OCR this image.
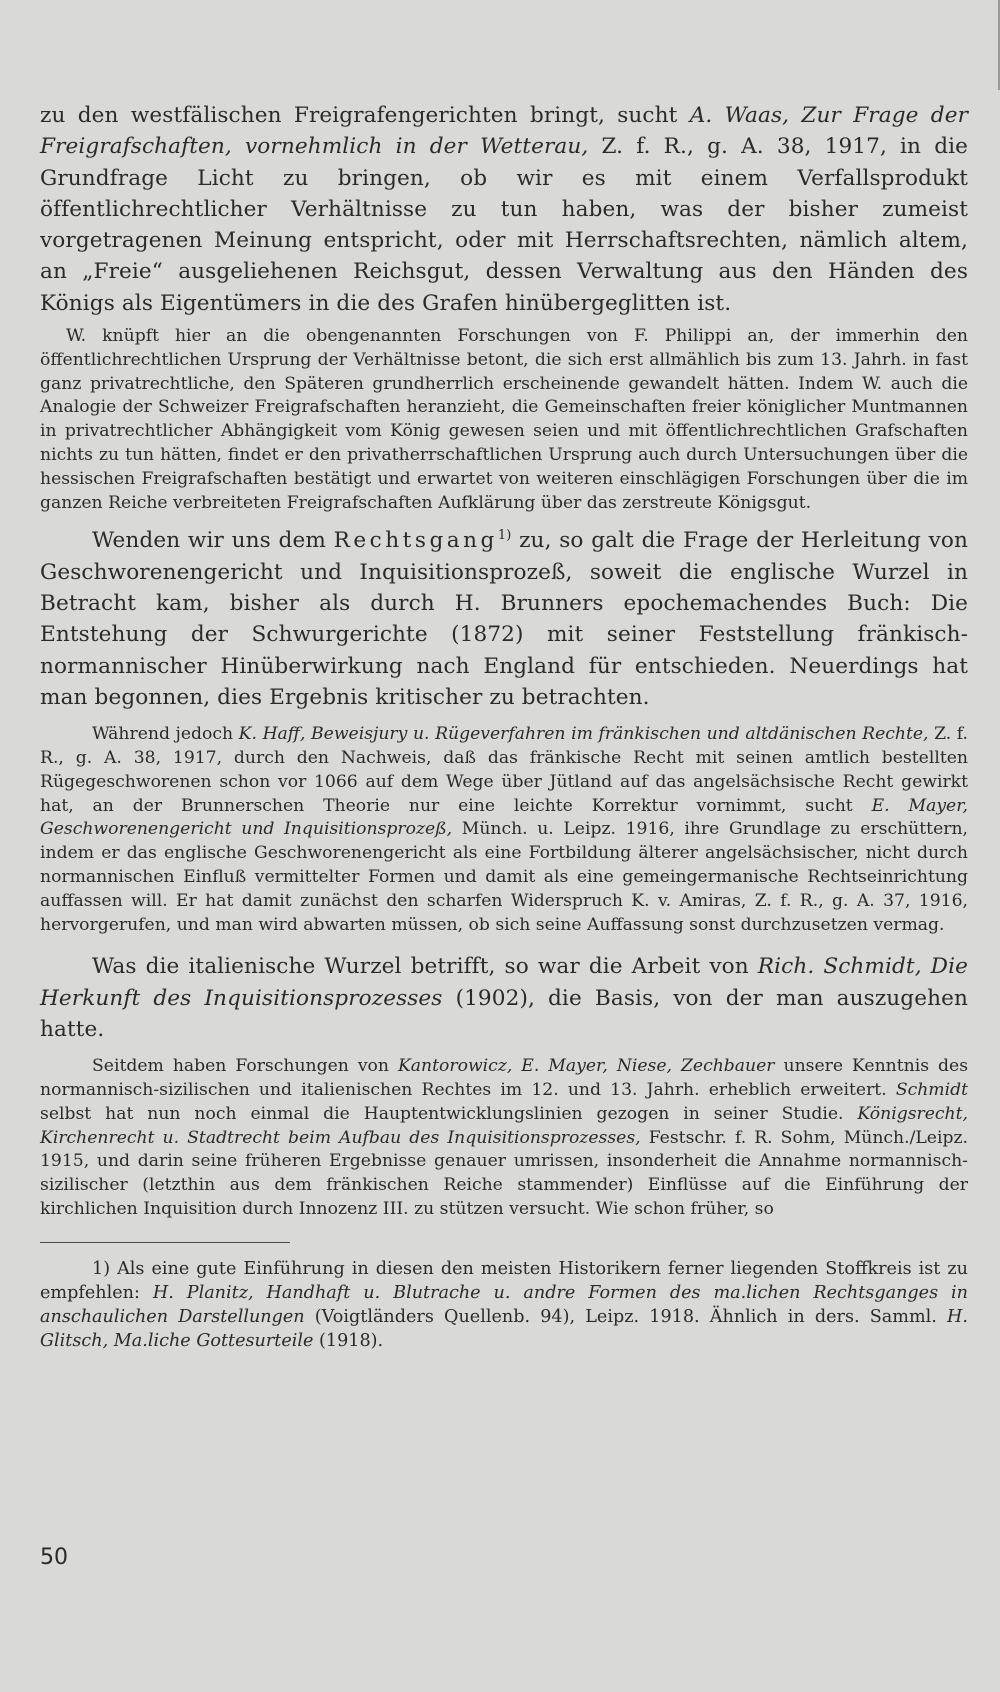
zu den westfälischen Freigrafengerichten bringt, sucht A. Waas, Zur Frage der Freigrafschaften, vornehmlich in der Wetterau, Z. f. R., g. A. 38, 1917, in die Grundfrage Licht zu bringen, ob wir es mit einem Verfallsprodukt öffentlichrechtlicher Verhältnisse zu tun haben, was der bisher zumeist vorgetragenen Meinung entspricht, oder mit Herrschaftsrechten, nämlich altem, an „Freie“ ausgeliehenen Reichsgut, dessen Verwaltung aus den Händen des Königs als Eigentümers in die des Grafen hinübergeglitten ist.

W. knüpft hier an die obengenannten Forschungen von F. Philippi an, der immerhin den öffentlichrechtlichen Ursprung der Verhältnisse betont, die sich erst allmählich bis zum 13. Jahrh. in fast ganz privatrechtliche, den Späteren grundherrlich erscheinende gewandelt hätten. Indem W. auch die Analogie der Schweizer Freigrafschaften heranzieht, die Gemeinschaften freier königlicher Muntmannen in privatrechtlicher Abhängigkeit vom König gewesen seien und mit öffentlichrechtlichen Grafschaften nichts zu tun hätten, findet er den privatherrschaftlichen Ursprung auch durch Untersuchungen über die hessischen Freigrafschaften bestätigt und erwartet von weiteren einschlägigen Forschungen über die im ganzen Reiche verbreiteten Freigrafschaften Aufklärung über das zerstreute Königsgut.

Wenden wir uns dem Rechtsgang$^{1)}$ zu, so galt die Frage der Herleitung von Geschworenengericht und Inquisitionsprozeß, soweit die englische Wurzel in Betracht kam, bisher als durch H. Brunners epochemachendes Buch: Die Entstehung der Schwurgerichte (1872) mit seiner Feststellung fränkisch-normannischer Hinüberwirkung nach England für entschieden. Neuerdings hat man begonnen, dies Ergebnis kritischer zu betrachten.

Während jedoch K. Haff, Beweisjury u. Rügeverfahren im fränkischen und altdänischen Rechte, Z. f. R., g. A. 38, 1917, durch den Nachweis, daß das fränkische Recht mit seinen amtlich bestellten Rügegeschworenen schon vor 1066 auf dem Wege über Jütland auf das angelsächsische Recht gewirkt hat, an der Brunnerschen Theorie nur eine leichte Korrektur vornimmt, sucht E. Mayer, Geschworenengericht und Inquisitionsprozeß, Münch. u. Leipz. 1916, ihre Grundlage zu erschüttern, indem er das englische Geschworenengericht als eine Fortbildung älterer angelsächsischer, nicht durch normannischen Einfluß vermittelter Formen und damit als eine gemeingermanische Rechtseinrichtung auffassen will. Er hat damit zunächst den scharfen Widerspruch K. v. Amiras, Z. f. R., g. A. 37, 1916, hervorgerufen, und man wird abwarten müssen, ob sich seine Auffassung sonst durchzusetzen vermag.

Was die italienische Wurzel betrifft, so war die Arbeit von Rich. Schmidt, Die Herkunft des Inquisitionsprozesses (1902), die Basis, von der man auszugehen hatte.

Seitdem haben Forschungen von Kantorowicz, E. Mayer, Niese, Zechbauer unsere Kenntnis des normannisch-sizilischen und italienischen Rechtes im 12. und 13. Jahrh. erheblich erweitert. Schmidt selbst hat nun noch einmal die Hauptentwicklungslinien gezogen in seiner Studie. Königsrecht, Kirchenrecht u. Stadtrecht beim Aufbau des Inquisitionsprozesses, Festschr. f. R. Sohm, Münch./Leipz. 1915, und darin seine früheren Ergebnisse genauer umrissen, insonderheit die Annahme normannisch-sizilischer (letzthin aus dem fränkischen Reiche stammender) Einflüsse auf die Einführung der kirchlichen Inquisition durch Innozenz III. zu stützen versucht. Wie schon früher, so

1) Als eine gute Einführung in diesen den meisten Historikern ferner liegenden Stoffkreis ist zu empfehlen: H. Planitz, Handhaft u. Blutrache u. andre Formen des ma.lichen Rechtsganges in anschaulichen Darstellungen (Voigtländers Quellenb. 94), Leipz. 1918. Ähnlich in ders. Samml. H. Glitsch, Ma.liche Gottesurteile (1918).

50
